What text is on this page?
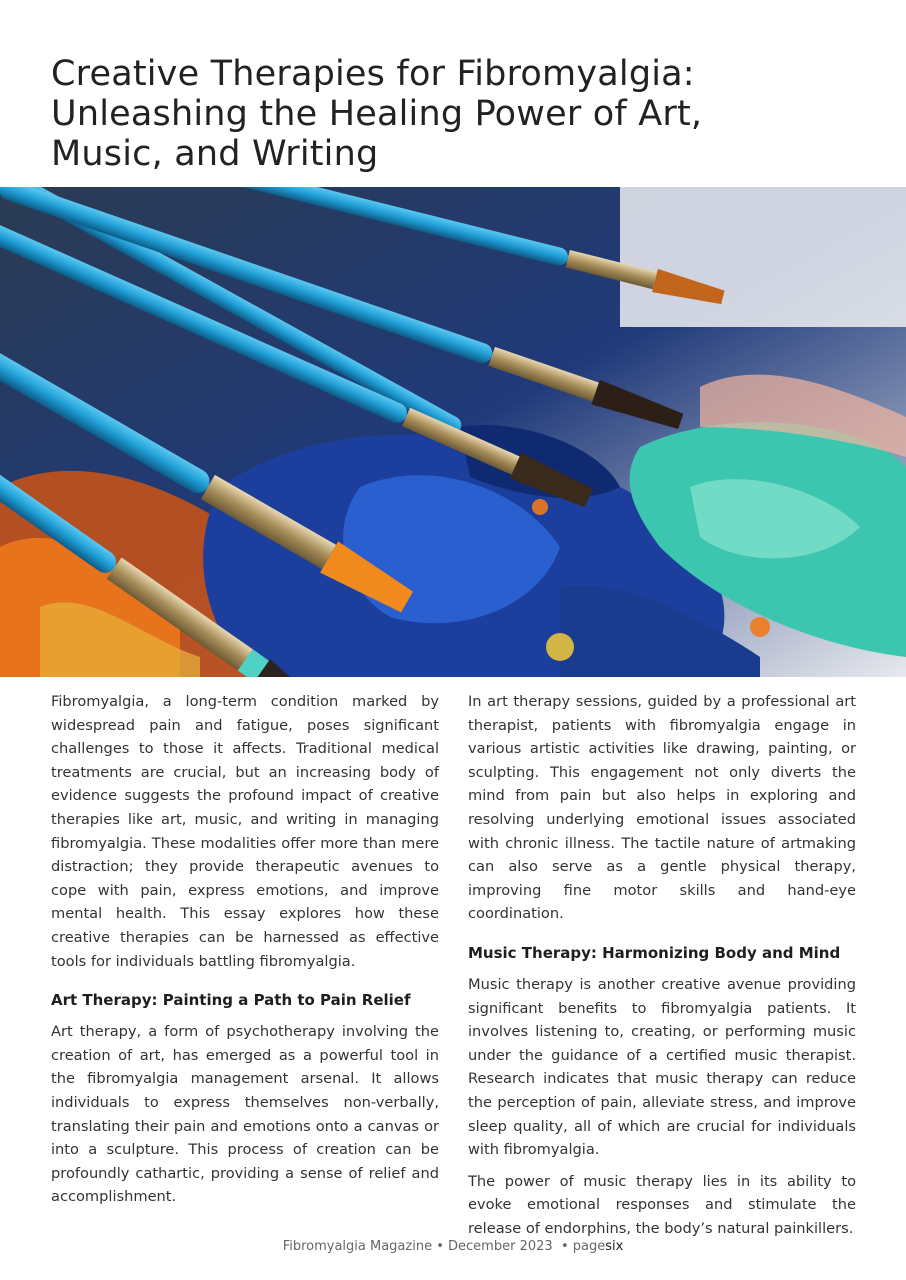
Creative Therapies for Fibromyalgia:
Unleashing the Healing Power of Art,
Music, and Writing

Fibromyalgia, a long-term condition marked by widespread pain and fatigue, poses significant challenges to those it affects. Traditional medical treatments are crucial, but an increasing body of evidence suggests the profound impact of creative therapies like art, music, and writing in managing fibromyalgia. These modalities offer more than mere distraction; they provide therapeutic avenues to cope with pain, express emotions, and improve mental health. This essay explores how these creative therapies can be harnessed as effective tools for individuals battling fibromyalgia.

Art Therapy: Painting a Path to Pain Relief

Art therapy, a form of psychotherapy involving the creation of art, has emerged as a powerful tool in the fibromyalgia management arsenal. It allows individuals to express themselves non-verbally, translating their pain and emotions onto a canvas or into a sculpture. This process of creation can be profoundly cathartic, providing a sense of relief and accomplishment.

In art therapy sessions, guided by a professional art therapist, patients with fibromyalgia engage in various artistic activities like drawing, painting, or sculpting. This engagement not only diverts the mind from pain but also helps in exploring and resolving underlying emotional issues associated with chronic illness. The tactile nature of artmaking can also serve as a gentle physical therapy, improving fine motor skills and hand-eye coordination.

Music Therapy: Harmonizing Body and Mind

Music therapy is another creative avenue providing significant benefits to fibromyalgia patients. It involves listening to, creating, or performing music under the guidance of a certified music therapist. Research indicates that music therapy can reduce the perception of pain, alleviate stress, and improve sleep quality, all of which are crucial for individuals with fibromyalgia.

The power of music therapy lies in its ability to evoke emotional responses and stimulate the release of endorphins, the body’s natural painkillers.

Fibromyalgia Magazine • December 2023  • pagesix
